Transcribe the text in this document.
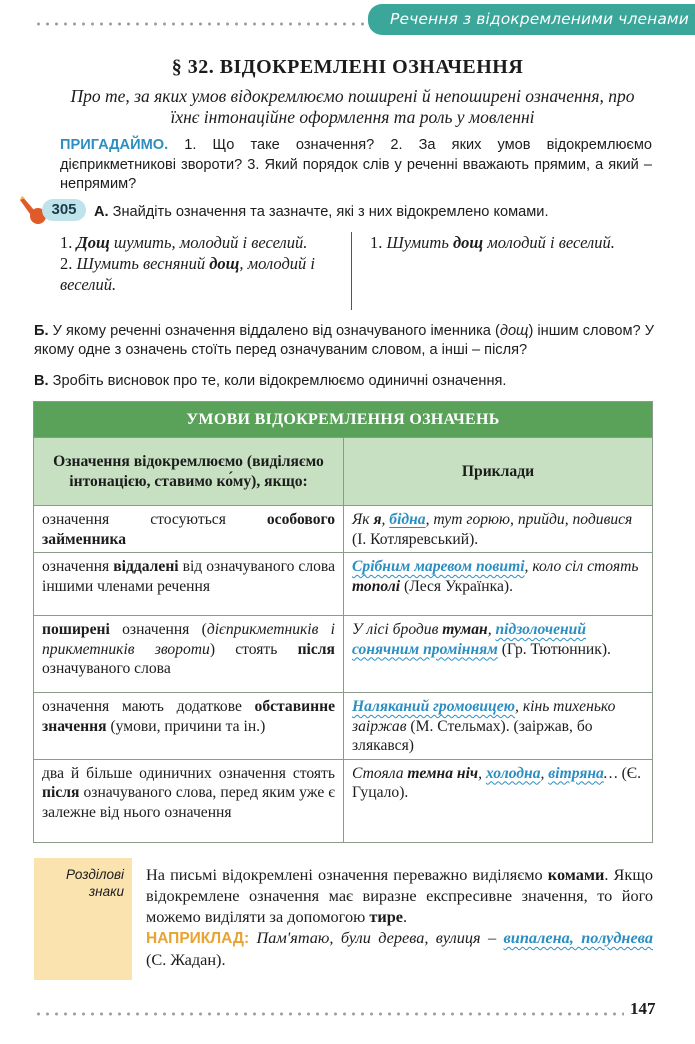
Речення з відокремленими членами
§ 32. ВІДОКРЕМЛЕНІ ОЗНАЧЕННЯ
Про те, за яких умов відокремлюємо поширені й непоширені означення, про їхнє інтонаційне оформлення та роль у мовленні
ПРИГАДАЙМО. 1. Що таке означення? 2. За яких умов відокремлюємо дієприкметникові звороти? 3. Який порядок слів у реченні вважають прямим, а який – непрямим?
305	А. Знайдіть означення та зазначте, які з них відокремлено комами.
1. Дощ шумить, молодий і веселий.
2. Шумить весняний дощ, молодий і веселий.
1. Шумить дощ молодий і веселий.
Б. У якому реченні означення віддалено від означуваного іменника (дощ) іншим словом? У якому одне з означень стоїть перед означуваним словом, а інші – після?
В. Зробіть висновок про те, коли відокремлюємо одиничні означення.
УМОВИ ВІДОКРЕМЛЕННЯ ОЗНАЧЕНЬ	
Означення відокремлюємо (виділяємо інтонацією, ставимо ко́му), якщо:	Приклади
означення стосуються особового займенника	Як я, бідна, тут горюю, прийди, подивися (І. Котляревський).
означення віддалені від означуваного слова іншими членами речення	Срібним маревом повиті, коло сіл стоять тополі (Леся Українка).
поширені означення (дієприкметників і прикметників звороти) стоять після означуваного слова	У лісі бродив туман, підзолочений сонячним промінням (Гр. Тютюнник).
означення мають додаткове обставинне значення (умови, причини та ін.)	Наляканий громовицею, кінь тихенько заіржав (М. Стельмах). (заіржав, бо злякався)
два й більше одиничних означення стоять після означуваного слова, перед яким уже є залежне від нього означення	Стояла темна ніч, холодна, вітряна… (Є. Гуцало).
Розділові знаки
На письмі відокремлені означення переважно виділяємо комами. Якщо відокремлене означення має виразне експресивне значення, то його можемо виділяти за допомогою тире.
НАПРИКЛАД: Пам'ятаю, були дерева, вулиця – випалена, полуднева (С. Жадан).
147
